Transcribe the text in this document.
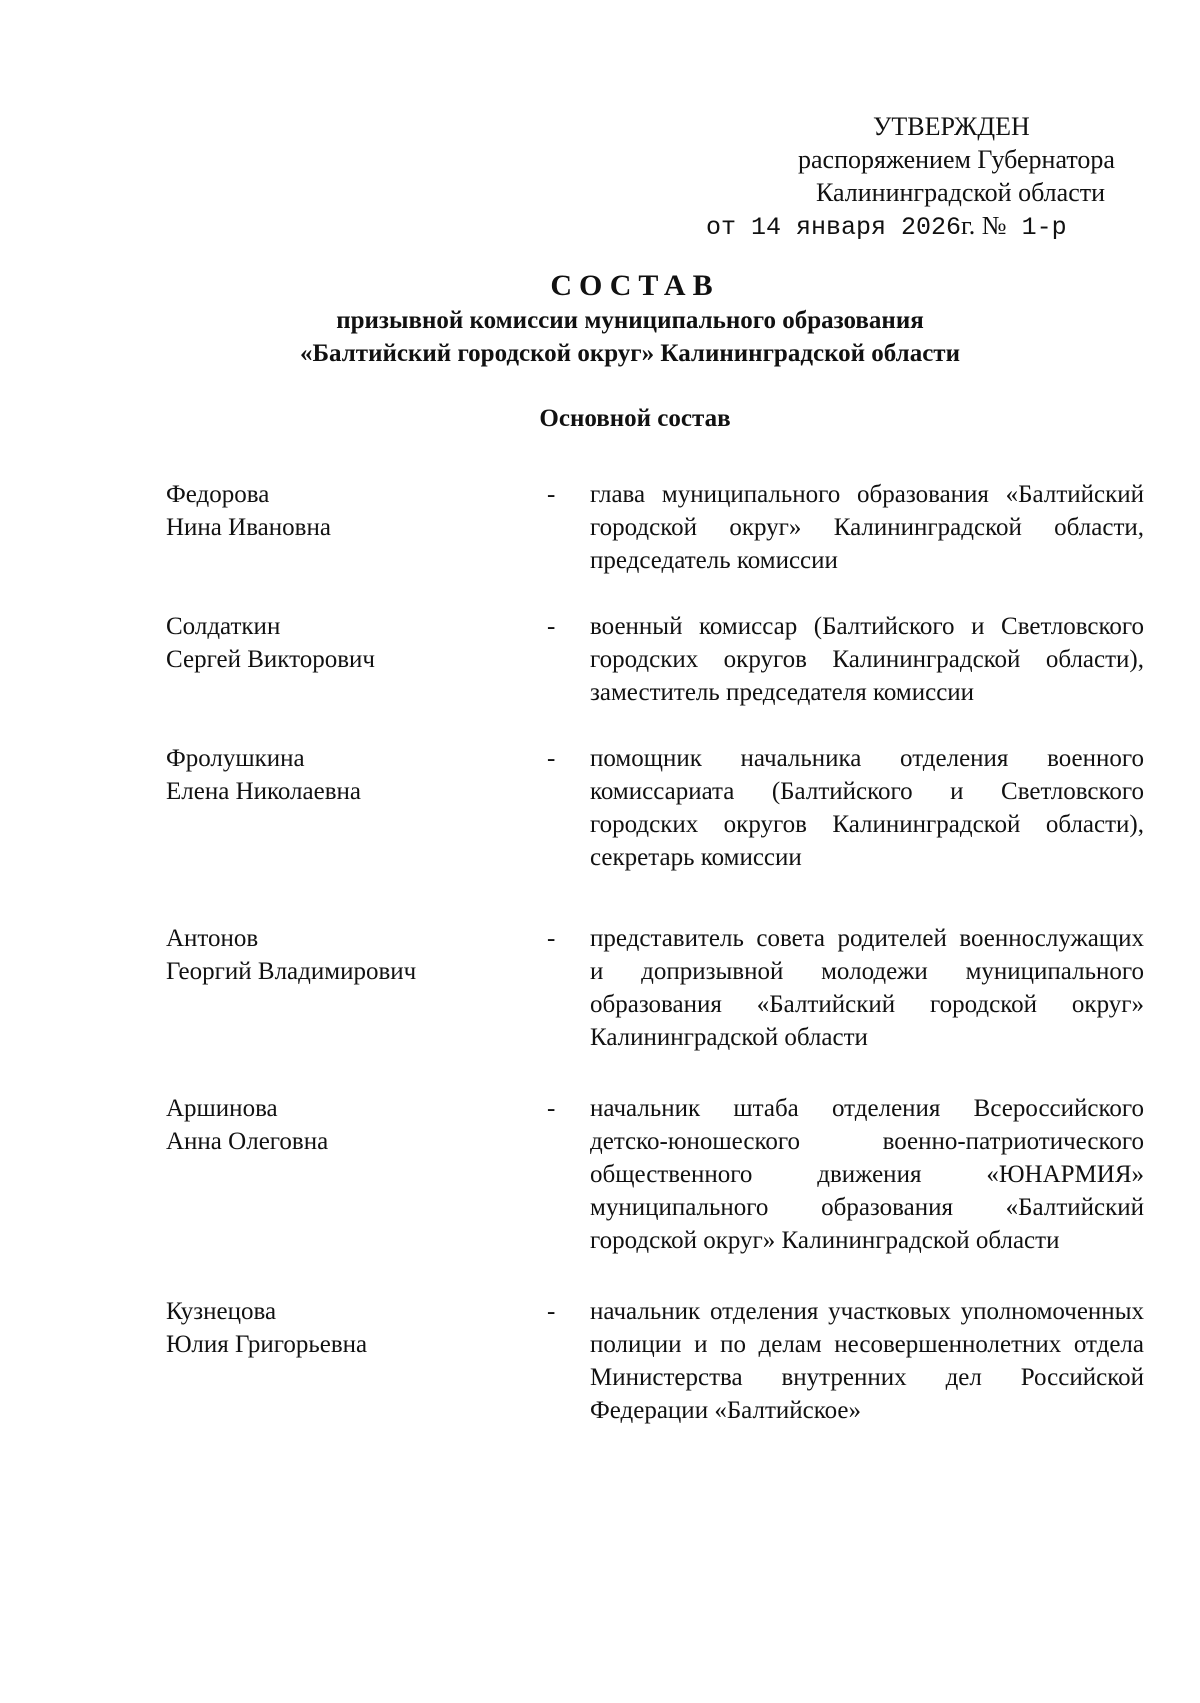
УТВЕРЖДЕН
распоряжением Губернатора
Калининградской области
от 14 января 2026г. № 1-р
СОСТАВ
призывной комиссии муниципального образования
«Балтийский городской округ» Калининградской области
Основной состав
Федорова
Нина Ивановна
- глава муниципального образования «Балтийский городской округ» Калининградской области, председатель комиссии
Солдаткин
Сергей Викторович
- военный комиссар (Балтийского и Светловского городских округов Калининградской области), заместитель председателя комиссии
Фролушкина
Елена Николаевна
- помощник начальника отделения военного комиссариата (Балтийского и Светловского городских округов Калининградской области), секретарь комиссии
Антонов
Георгий Владимирович
- представитель совета родителей военнослужащих и допризывной молодежи муниципального образования «Балтийский городской округ» Калининградской области
Аршинова
Анна Олеговна
- начальник штаба отделения Всероссийского детско-юношеского военно-патриотического общественного движения «ЮНАРМИЯ» муниципального образования «Балтийский городской округ» Калининградской области
Кузнецова
Юлия Григорьевна
- начальник отделения участковых уполномоченных полиции и по делам несовершеннолетних отдела Министерства внутренних дел Российской Федерации «Балтийское»
